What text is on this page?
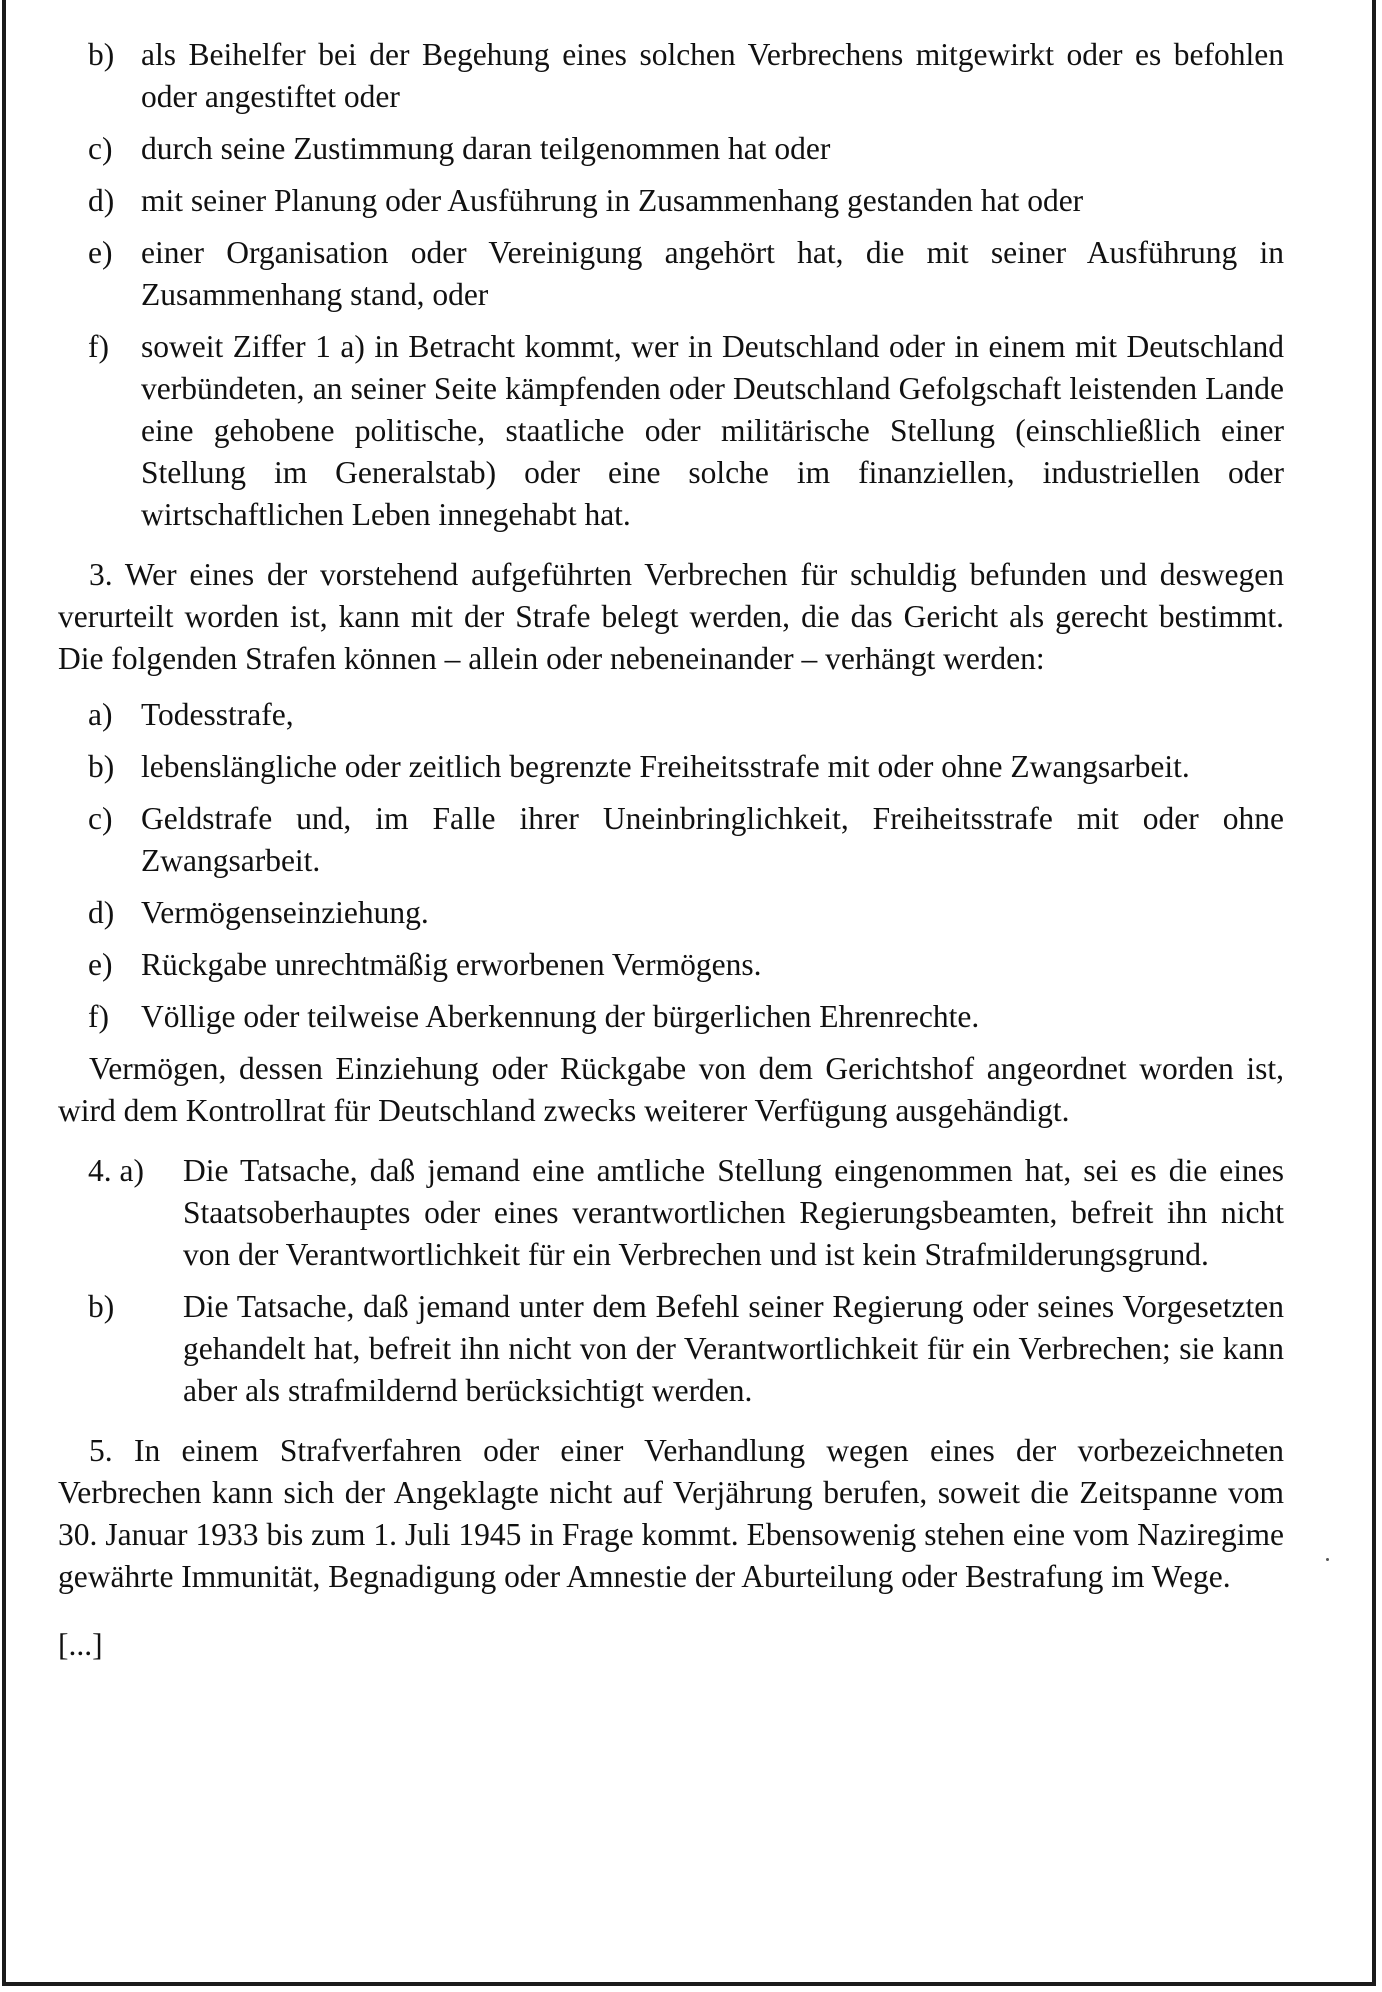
b) als Beihelfer bei der Begehung eines solchen Verbrechens mitgewirkt oder es befohlen oder angestiftet oder
c) durch seine Zustimmung daran teilgenommen hat oder
d) mit seiner Planung oder Ausführung in Zusammenhang gestanden hat oder
e) einer Organisation oder Vereinigung angehört hat, die mit seiner Ausführung in Zusammenhang stand, oder
f)	soweit Ziffer 1 a) in Betracht kommt, wer in Deutschland oder in einem mit Deutschland verbündeten, an seiner Seite kämpfenden oder Deutschland Gefolgschaft leistenden Lande eine gehobene politische, staatliche oder militärische Stellung (einschließlich einer Stellung im Generalstab) oder eine solche im finanziellen, industriellen oder wirtschaftlichen Leben innegehabt hat.
3. Wer eines der vorstehend aufgeführten Verbrechen für schuldig befunden und deswegen verurteilt worden ist, kann mit der Strafe belegt werden, die das Gericht als gerecht bestimmt. Die folgenden Strafen können – allein oder nebeneinander – verhängt werden:
a) Todesstrafe,
b) lebenslängliche oder zeitlich begrenzte Freiheitsstrafe mit oder ohne Zwangsarbeit.
c) Geldstrafe und, im Falle ihrer Uneinbringlichkeit, Freiheitsstrafe mit oder ohne Zwangsarbeit.
d) Vermögenseinziehung.
e) Rückgabe unrechtmäßig erworbenen Vermögens.
f)	Völlige oder teilweise Aberkennung der bürgerlichen Ehrenrechte.
Vermögen, dessen Einziehung oder Rückgabe von dem Gerichtshof angeordnet worden ist, wird dem Kontrollrat für Deutschland zwecks weiterer Verfügung ausgehändigt.
4. a)	Die Tatsache, daß jemand eine amtliche Stellung eingenommen hat, sei es die eines Staatsoberhauptes oder eines verantwortlichen Regierungsbeamten, befreit ihn nicht von der Verantwortlichkeit für ein Verbrechen und ist kein Strafmilderungsgrund.
b)	Die Tatsache, daß jemand unter dem Befehl seiner Regierung oder seines Vorgesetzten gehandelt hat, befreit ihn nicht von der Verantwortlichkeit für ein Verbrechen; sie kann aber als strafmildernd berücksichtigt werden.
5. In einem Strafverfahren oder einer Verhandlung wegen eines der vorbezeichneten Verbrechen kann sich der Angeklagte nicht auf Verjährung berufen, soweit die Zeitspanne vom 30. Januar 1933 bis zum 1. Juli 1945 in Frage kommt. Ebensowenig stehen eine vom Naziregime gewährte Immunität, Begnadigung oder Amnestie der Aburteilung oder Bestrafung im Wege.
[...]
